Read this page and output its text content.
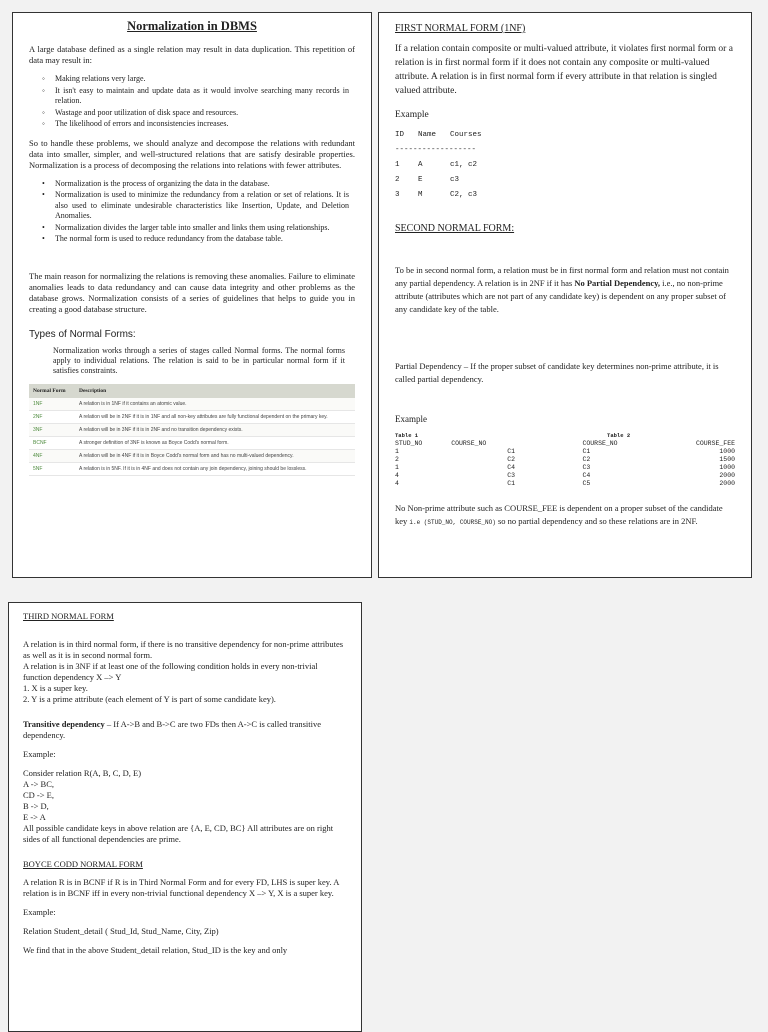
Normalization in DBMS
A large database defined as a single relation may result in data duplication. This repetition of data may result in:
◦ Making relations very large.
◦ It isn't easy to maintain and update data as it would involve searching many records in relation.
◦ Wastage and poor utilization of disk space and resources.
◦ The likelihood of errors and inconsistencies increases.
So to handle these problems, we should analyze and decompose the relations with redundant data into smaller, simpler, and well-structured relations that are satisfy desirable properties. Normalization is a process of decomposing the relations into relations with fewer attributes.
• Normalization is the process of organizing the data in the database.
• Normalization is used to minimize the redundancy from a relation or set of relations. It is also used to eliminate undesirable characteristics like Insertion, Update, and Deletion Anomalies.
• Normalization divides the larger table into smaller and links them using relationships.
• The normal form is used to reduce redundancy from the database table.
The main reason for normalizing the relations is removing these anomalies. Failure to eliminate anomalies leads to data redundancy and can cause data integrity and other problems as the database grows. Normalization consists of a series of guidelines that helps to guide you in creating a good database structure.
Types of Normal Forms:
Normalization works through a series of stages called Normal forms. The normal forms apply to individual relations. The relation is said to be in particular normal form if it satisfies constraints.
Normal Form	Description
1NF	A relation is in 1NF if it contains an atomic value.
2NF	A relation will be in 2NF if it is in 1NF and all non-key attributes are fully functional dependent on the primary key.
3NF	A relation will be in 3NF if it is in 2NF and no transition dependency exists.
BCNF	A stronger definition of 3NF is known as Boyce Codd's normal form.
4NF	A relation will be in 4NF if it is in Boyce Codd's normal form and has no multi-valued dependency.
5NF	A relation is in 5NF. If it is in 4NF and does not contain any join dependency, joining should be lossless.
FIRST NORMAL FORM (1NF)
If a relation contain composite or multi-valued attribute, it violates first normal form or a relation is in first normal form if it does not contain any composite or multi-valued attribute. A relation is in first normal form if every attribute in that relation is singled valued attribute.
Example
ID	Name	Courses
------------------		
1	A	c1, c2
2	E	c3
3	M	C2, c3
SECOND NORMAL FORM:
To be in second normal form, a relation must be in first normal form and relation must not contain any partial dependency. A relation is in 2NF if it has No Partial Dependency, i.e., no non-prime attribute (attributes which are not part of any candidate key) is dependent on any proper subset of any candidate key of the table.
Partial Dependency – If the proper subset of candidate key determines non-prime attribute, it is called partial dependency.
Example
Table 1		Table 2	
STUD_NO	COURSE_NO	COURSE_NO	COURSE_FEE
1	C1	C1	1000
2	C2	C2	1500
1	C4	C3	1000
4	C3	C4	2000
4	C1	C5	2000
No Non-prime attribute such as COURSE_FEE is dependent on a proper subset of the candidate key i.e (STUD_NO, COURSE_NO) so no partial dependency and so these relations are in 2NF.
THIRD NORMAL FORM
A relation is in third normal form, if there is no transitive dependency for non-prime attributes as well as it is in second normal form.
A relation is in 3NF if at least one of the following condition holds in every non-trivial function dependency X –> Y
1. X is a super key.
2. Y is a prime attribute (each element of Y is part of some candidate key).
Transitive dependency – If A->B and B->C are two FDs then A->C is called transitive dependency.
Example:
Consider relation R(A, B, C, D, E)
A -> BC,
CD -> E,
B -> D,
E -> A
All possible candidate keys in above relation are {A, E, CD, BC} All attributes are on right sides of all functional dependencies are prime.
BOYCE CODD NORMAL FORM
A relation R is in BCNF if R is in Third Normal Form and for every FD, LHS is super key. A relation is in BCNF iff in every non-trivial functional dependency X –> Y, X is a super key.
Example:
Relation Student_detail ( Stud_Id, Stud_Name, City, Zip)
We find that in the above Student_detail relation, Stud_ID is the key and only
